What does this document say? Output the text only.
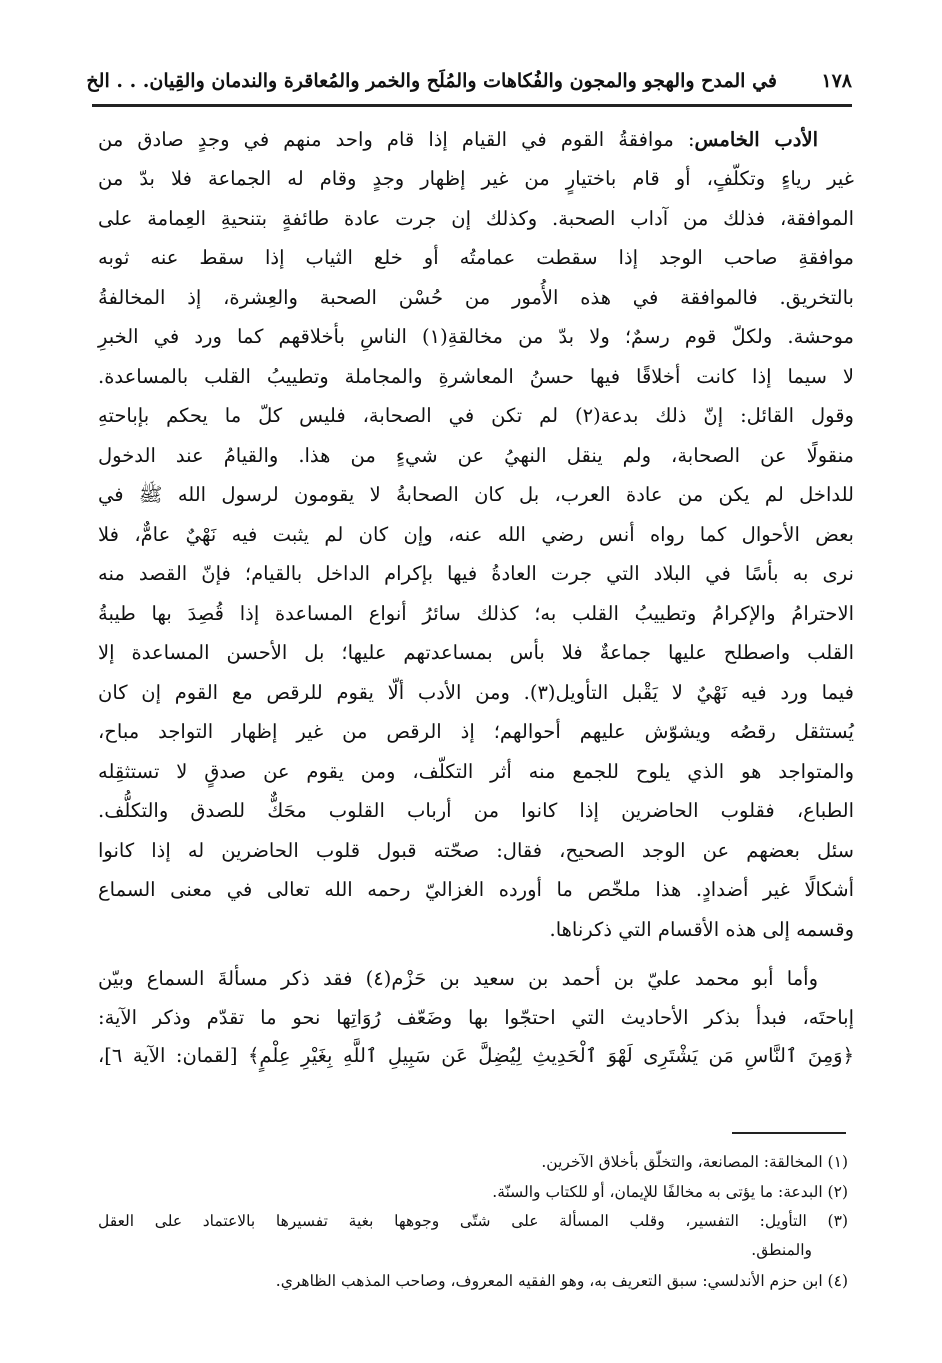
١٧٨
في المدح والهجو والمجون والفُكاهات والمُلَح والخمر والمُعاقرة والندمان والقِيان. . . الخ
الأدب الخامس: موافقةُ القوم في القيام إذا قام واحد منهم في وجدٍ صادق من
غير رياءٍ وتكلّفٍ، أو قام باختيارٍ من غير إظهار وجدٍ وقام له الجماعة فلا بدّ من
الموافقة، فذلك من آداب الصحبة. وكذلك إن جرت عادة طائفةٍ بتنحيةِ العِمامة على
موافقةِ صاحب الوجد إذا سقطت عمامتُه أو خلع الثياب إذا سقط عنه ثوبه
بالتخريق. فالموافقة في هذه الأُمور من حُسْن الصحبة والعِشرة، إذ المخالفةُ
موحشة. ولكلّ قوم رسمٌ؛ ولا بدّ من مخالقةِ(١) الناسِ بأخلاقهم كما ورد في الخبرِ
لا سيما إذا كانت أخلاقًا فيها حسنُ المعاشرةِ والمجاملة وتطييبُ القلب بالمساعدة.
وقول القائل: إنّ ذلك بدعة(٢) لم تكن في الصحابة، فليس كلّ ما يحكم بإباحتهِ
منقولًا عن الصحابة، ولم ينقل النهيُ عن شيءٍ من هذا. والقيامُ عند الدخول
للداخل لم يكن من عادة العرب، بل كان الصحابةُ لا يقومون لرسول الله ﷺ في
بعض الأحوال كما رواه أنس رضي الله عنه، وإن كان لم يثبت فيه نَهْيٌ عامٌّ، فلا
نرى به بأسًا في البلاد التي جرت العادةُ فيها بإكرام الداخل بالقيام؛ فإنّ القصد منه
الاحترامُ والإكرامُ وتطييبُ القلب به؛ كذلك سائرُ أنواع المساعدة إذا قُصِدَ بها طيبةُ
القلب واصطلح عليها جماعةٌ فلا بأس بمساعدتهم عليها؛ بل الأحسن المساعدة إلا
فيما ورد فيه نَهْيٌ لا يَقْبل التأويل(٣). ومن الأدب ألّا يقوم للرقص مع القوم إن كان
يُستثقل رقصُه ويشوّش عليهم أحوالهم؛ إذ الرقص من غير إظهار التواجد مباح،
والمتواجد هو الذي يلوح للجمع منه أثر التكلّف، ومن يقوم عن صدقٍ لا تستثقِله
الطباع، فقلوب الحاضرين إذا كانوا من أرباب القلوب محَكٌّ للصدق والتكلُّف.
سئل بعضهم عن الوجد الصحيح، فقال: صحّته قبول قلوب الحاضرين له إذا كانوا
أشكالًا غير أضدادٍ. هذا ملخّص ما أورده الغزاليّ رحمه الله تعالى في معنى السماع
وقسمه إلى هذه الأقسام التي ذكرناها.
وأما أبو محمد عليّ بن أحمد بن سعيد بن حَزْم(٤) فقد ذكر مسألةَ السماع وبيّن
إباحتَه، فبدأ بذكر الأحاديث التي احتجّوا بها وضَعّف رُوَاتِها نحو ما تقدّم وذكر الآية:
﴿وَمِنَ ٱلنَّاسِ مَن يَشْتَرِى لَهْوَ ٱلْحَدِيثِ لِيُضِلَّ عَن سَبِيلِ ٱللَّهِ بِغَيْرِ عِلْمٍ﴾ [لقمان: الآية ٦]،
(١) المخالقة: المصانعة، والتخلّق بأخلاق الآخرين.
(٢) البدعة: ما يؤتى به مخالفًا للإيمان، أو للكتاب والسنّة.
(٣) التأويل: التفسير، وقلب المسألة على شتّى وجوهها بغية تفسيرها بالاعتماد على العقل
والمنطق.
(٤) ابن حزم الأندلسي: سبق التعريف به، وهو الفقيه المعروف، وصاحب المذهب الظاهري.
